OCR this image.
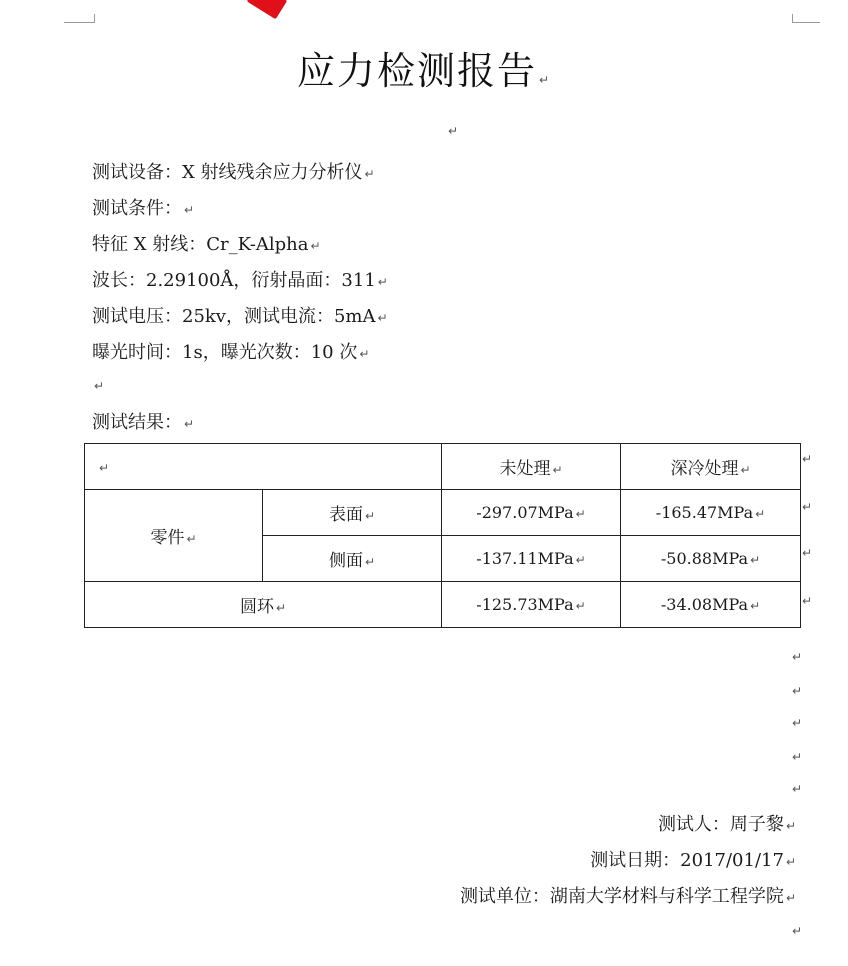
应力检测报告 ↵
↵
测试设备：X 射线残余应力分析仪 ↵
测试条件： ↵
特征 X 射线：Cr_K-Alpha ↵
波长：2.29100Å，衍射晶面：311 ↵
测试电压：25kv，测试电流：5mA ↵
曝光时间：1s，曝光次数：10 次 ↵
↵
测试结果： ↵
↵		未处理 ↵	深冷处理 ↵
零件 ↵	表面 ↵	-297.07MPa ↵	-165.47MPa ↵
	侧面 ↵	-137.11MPa ↵	-50.88MPa ↵
圆环 ↵		-125.73MPa ↵	-34.08MPa ↵
↵
↵
↵
↵
↵
↵
↵
↵
↵
测试人：周子黎 ↵
测试日期：2017/01/17 ↵
测试单位：湖南大学材料与科学工程学院 ↵
↵
